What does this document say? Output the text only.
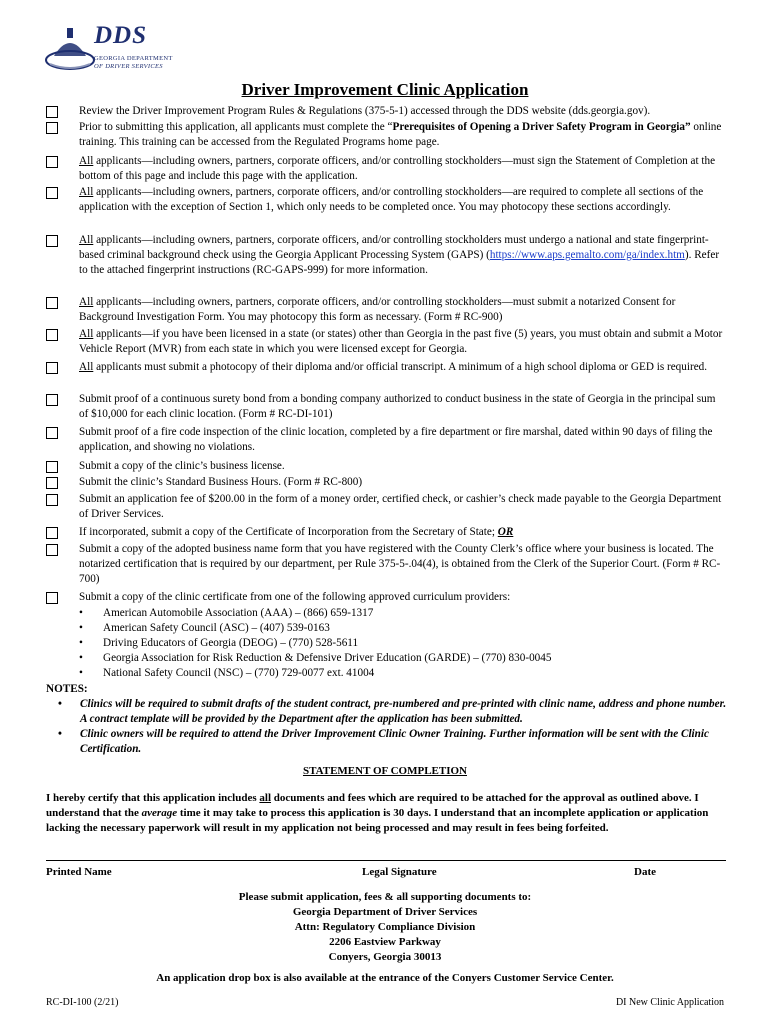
DDS
GEORGIA DEPARTMENT
OF DRIVER SERVICES
Driver Improvement Clinic Application
Review the Driver Improvement Program Rules & Regulations (375-5-1) accessed through the DDS website (dds.georgia.gov).
Prior to submitting this application, all applicants must complete the “Prerequisites of Opening a Driver Safety Program in Georgia” online training. This training can be accessed from the Regulated Programs home page.
All applicants—including owners, partners, corporate officers, and/or controlling stockholders—must sign the Statement of Completion at the bottom of this page and include this page with the application.
All applicants—including owners, partners, corporate officers, and/or controlling stockholders—are required to complete all sections of the application with the exception of Section 1, which only needs to be completed once. You may photocopy these sections accordingly.
All applicants—including owners, partners, corporate officers, and/or controlling stockholders must undergo a national and state fingerprint-based criminal background check using the Georgia Applicant Processing System (GAPS) (https://www.aps.gemalto.com/ga/index.htm). Refer to the attached fingerprint instructions (RC-GAPS-999) for more information.
All applicants—including owners, partners, corporate officers, and/or controlling stockholders—must submit a notarized Consent for Background Investigation Form. You may photocopy this form as necessary. (Form # RC-900)
All applicants—if you have been licensed in a state (or states) other than Georgia in the past five (5) years, you must obtain and submit a Motor Vehicle Report (MVR) from each state in which you were licensed except for Georgia.
All applicants must submit a photocopy of their diploma and/or official transcript. A minimum of a high school diploma or GED is required.
Submit proof of a continuous surety bond from a bonding company authorized to conduct business in the state of Georgia in the principal sum of $10,000 for each clinic location. (Form # RC-DI-101)
Submit proof of a fire code inspection of the clinic location, completed by a fire department or fire marshal, dated within 90 days of filing the application, and showing no violations.
Submit a copy of the clinic’s business license.
Submit the clinic’s Standard Business Hours. (Form # RC-800)
Submit an application fee of $200.00 in the form of a money order, certified check, or cashier’s check made payable to the Georgia Department of Driver Services.
If incorporated, submit a copy of the Certificate of Incorporation from the Secretary of State; OR
Submit a copy of the adopted business name form that you have registered with the County Clerk’s office where your business is located. The notarized certification that is required by our department, per Rule 375-5-.04(4), is obtained from the Clerk of the Superior Court. (Form # RC-700)
Submit a copy of the clinic certificate from one of the following approved curriculum providers:
• American Automobile Association (AAA) – (866) 659-1317
• American Safety Council (ASC) – (407) 539-0163
• Driving Educators of Georgia (DEOG) – (770) 528-5611
• Georgia Association for Risk Reduction & Defensive Driver Education (GARDE) – (770) 830-0045
• National Safety Council (NSC) – (770) 729-0077 ext. 41004
NOTES:
• Clinics will be required to submit drafts of the student contract, pre-numbered and pre-printed with clinic name, address and phone number. A contract template will be provided by the Department after the application has been submitted.
• Clinic owners will be required to attend the Driver Improvement Clinic Owner Training. Further information will be sent with the Clinic Certification.
STATEMENT OF COMPLETION
I hereby certify that this application includes all documents and fees which are required to be attached for the approval as outlined above. I understand that the average time it may take to process this application is 30 days. I understand that an incomplete application or application lacking the necessary paperwork will result in my application not being processed and may result in fees being forfeited.
Printed Name	Legal Signature	Date
Please submit application, fees & all supporting documents to:
Georgia Department of Driver Services
Attn: Regulatory Compliance Division
2206 Eastview Parkway
Conyers, Georgia 30013
An application drop box is also available at the entrance of the Conyers Customer Service Center.
RC-DI-100 (2/21)	DI New Clinic Application
